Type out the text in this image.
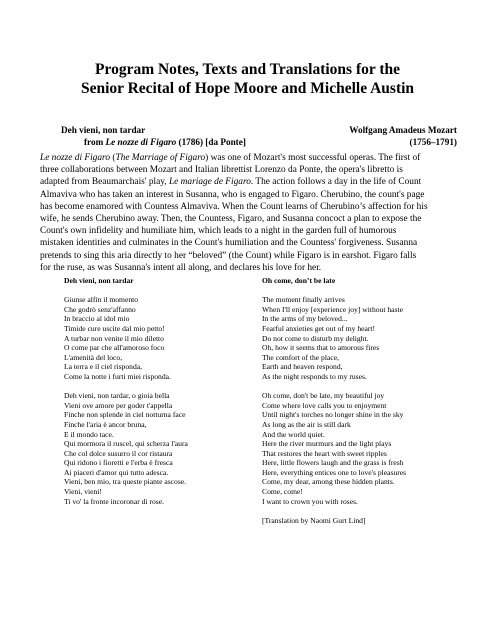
Program Notes, Texts and Translations for the
Senior Recital of Hope Moore and Michelle Austin
Deh vieni, non tardar	Wolfgang Amadeus Mozart
from Le nozze di Figaro (1786) [da Ponte]	(1756–1791)
Le nozze di Figaro (The Marriage of Figaro) was one of Mozart's most successful operas. The first of
three collaborations between Mozart and Italian librettist Lorenzo da Ponte, the opera's libretto is
adapted from Beaumarchais' play, Le mariage de Figaro. The action follows a day in the life of Count
Almaviva who has taken an interest in Susanna, who is engaged to Figaro. Cherubino, the count's page
has become enamored with Countess Almaviva. When the Count learns of Cherubino’s affection for his
wife, he sends Cherubino away. Then, the Countess, Figaro, and Susanna concoct a plan to expose the
Count's own infidelity and humiliate him, which leads to a night in the garden full of humorous
mistaken identities and culminates in the Count's humiliation and the Countess' forgiveness. Susanna
pretends to sing this aria directly to her “beloved” (the Count) while Figaro is in earshot. Figaro falls
for the ruse, as was Susanna's intent all along, and declares his love for her.
Deh vieni, non tardar
Giunse alfin il momento
Che godrò senz'affanno
In braccio al idol mio
Timide cure uscite dal mio petto!
A turbar non venite il mio diletto
O come par che all'amoroso foco
L'amenità del loco,
La terra e il ciel risponda,
Come la notte i furti miei risponda.
Deh vieni, non tardar, o gioia bella
Vieni ove amore per goder t'appella
Finche non splende in ciel notturna face
Finche l'aria è ancor bruna,
E il mondo tace.
Qui mormora il ruscel, qui scherza l'aura
Che col dolce susurro il cor ristaura
Qui ridono i fioretti e l'erba è fresca
Ai piaceri d'amor qui tutto adesca.
Vieni, ben mio, tra queste piante ascose.
Vieni, vieni!
Ti vo' la fronte incoronar di rose.
Oh come, don’t be late
The moment finally arrives
When I'll enjoy [experience joy] without haste
In the arms of my beloved...
Fearful anxieties get out of my heart!
Do not come to disturb my delight.
Oh, how it seems that to amorous fires
The comfort of the place,
Earth and heaven respond,
As the night responds to my ruses.
Oh come, don't be late, my beautiful joy
Come where love calls you to enjoyment
Until night's torches no longer shine in the sky
As long as the air is still dark
And the world quiet.
Here the river murmurs and the light plays
That restores the heart with sweet ripples
Here, little flowers laugh and the grass is fresh
Here, everything entices one to love's pleasures
Come, my dear, among these hidden plants.
Come, come!
I want to crown you with roses.
[Translation by Naomi Gurt Lind]
